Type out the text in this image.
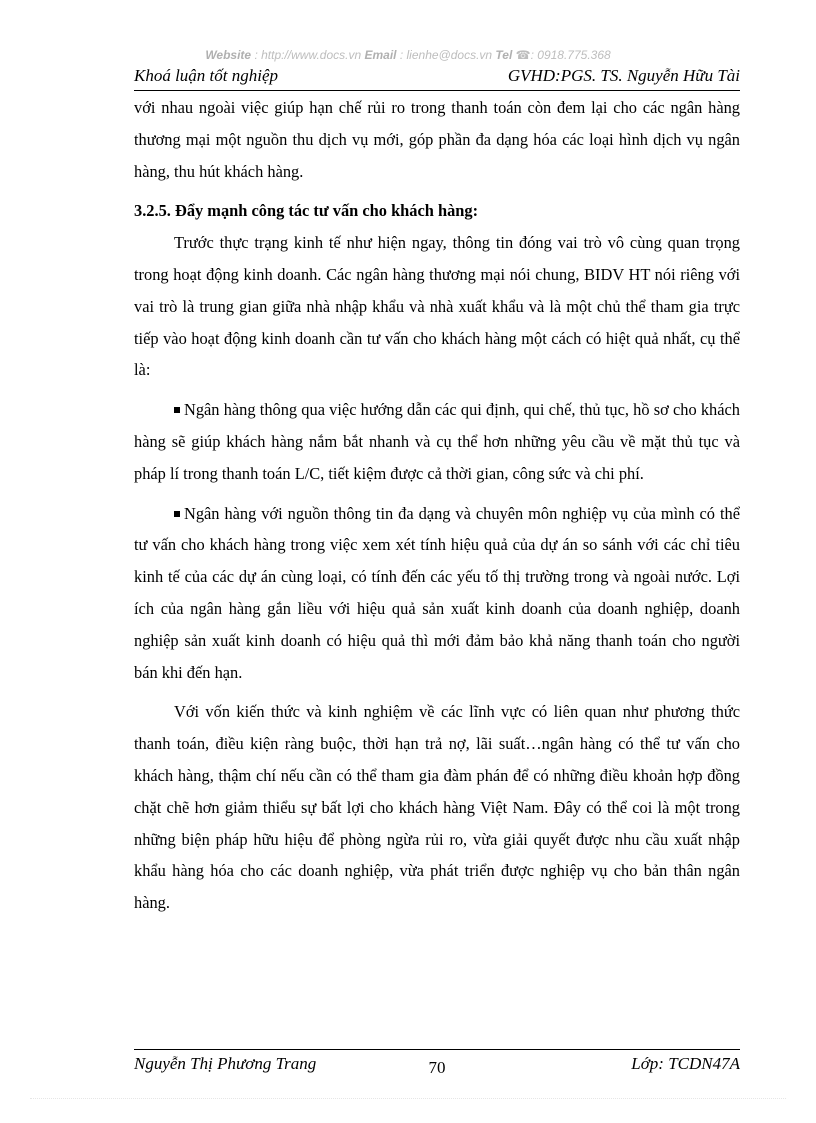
Website : http://www.docs.vn Email : lienhe@docs.vn Tel ☎: 0918.775.368
Khoá luận tốt nghiệp	GVHD:PGS. TS. Nguyễn Hữu Tài

với nhau ngoài việc giúp hạn chế rủi ro trong thanh toán còn đem lại cho các ngân hàng thương mại một nguồn thu dịch vụ mới, góp phần đa dạng hóa các loại hình dịch vụ ngân hàng, thu hút khách hàng.

3.2.5. Đẩy mạnh công tác tư vấn cho khách hàng:

Trước thực trạng kinh tế như hiện ngay, thông tin đóng vai trò vô cùng quan trọng trong hoạt động kinh doanh. Các ngân hàng thương mại nói chung, BIDV HT nói riêng với vai trò là trung gian giữa nhà nhập khẩu và nhà xuất khẩu và là một chủ thể tham gia trực tiếp vào hoạt động kinh doanh cần tư vấn cho khách hàng một cách có hiệt quả nhất, cụ thể là:

Ngân hàng thông qua việc hướng dẫn các qui định, qui chế, thủ tục, hồ sơ cho khách hàng sẽ giúp khách hàng nắm bắt nhanh và cụ thể hơn những yêu cầu về mặt thủ tục và pháp lí trong thanh toán L/C, tiết kiệm được cả thời gian, công sức và chi phí.

Ngân hàng với nguồn thông tin đa dạng và chuyên môn nghiệp vụ của mình có thể tư vấn cho khách hàng trong việc xem xét tính hiệu quả của dự án so sánh với các chỉ tiêu kinh tế của các dự án cùng loại, có tính đến các yếu tố thị trường trong và ngoài nước. Lợi ích của ngân hàng gắn liều với hiệu quả sản xuất kinh doanh của doanh nghiệp, doanh nghiệp sản xuất kinh doanh có hiệu quả thì mới đảm bảo khả năng thanh toán cho người bán khi đến hạn.

Với vốn kiến thức và kinh nghiệm về các lĩnh vực có liên quan như phương thức thanh toán, điều kiện ràng buộc, thời hạn trả nợ, lãi suất…ngân hàng có thể tư vấn cho khách hàng, thậm chí nếu cần có thể tham gia đàm phán để có những điều khoản hợp đồng chặt chẽ hơn giảm thiểu sự bất lợi cho khách hàng Việt Nam. Đây có thể coi là một trong những biện pháp hữu hiệu để phòng ngừa rủi ro, vừa giải quyết được nhu cầu xuất nhập khẩu hàng hóa cho các doanh nghiệp, vừa phát triển được nghiệp vụ cho bản thân ngân hàng.

Nguyễn Thị Phương Trang	70	Lớp: TCDN47A
